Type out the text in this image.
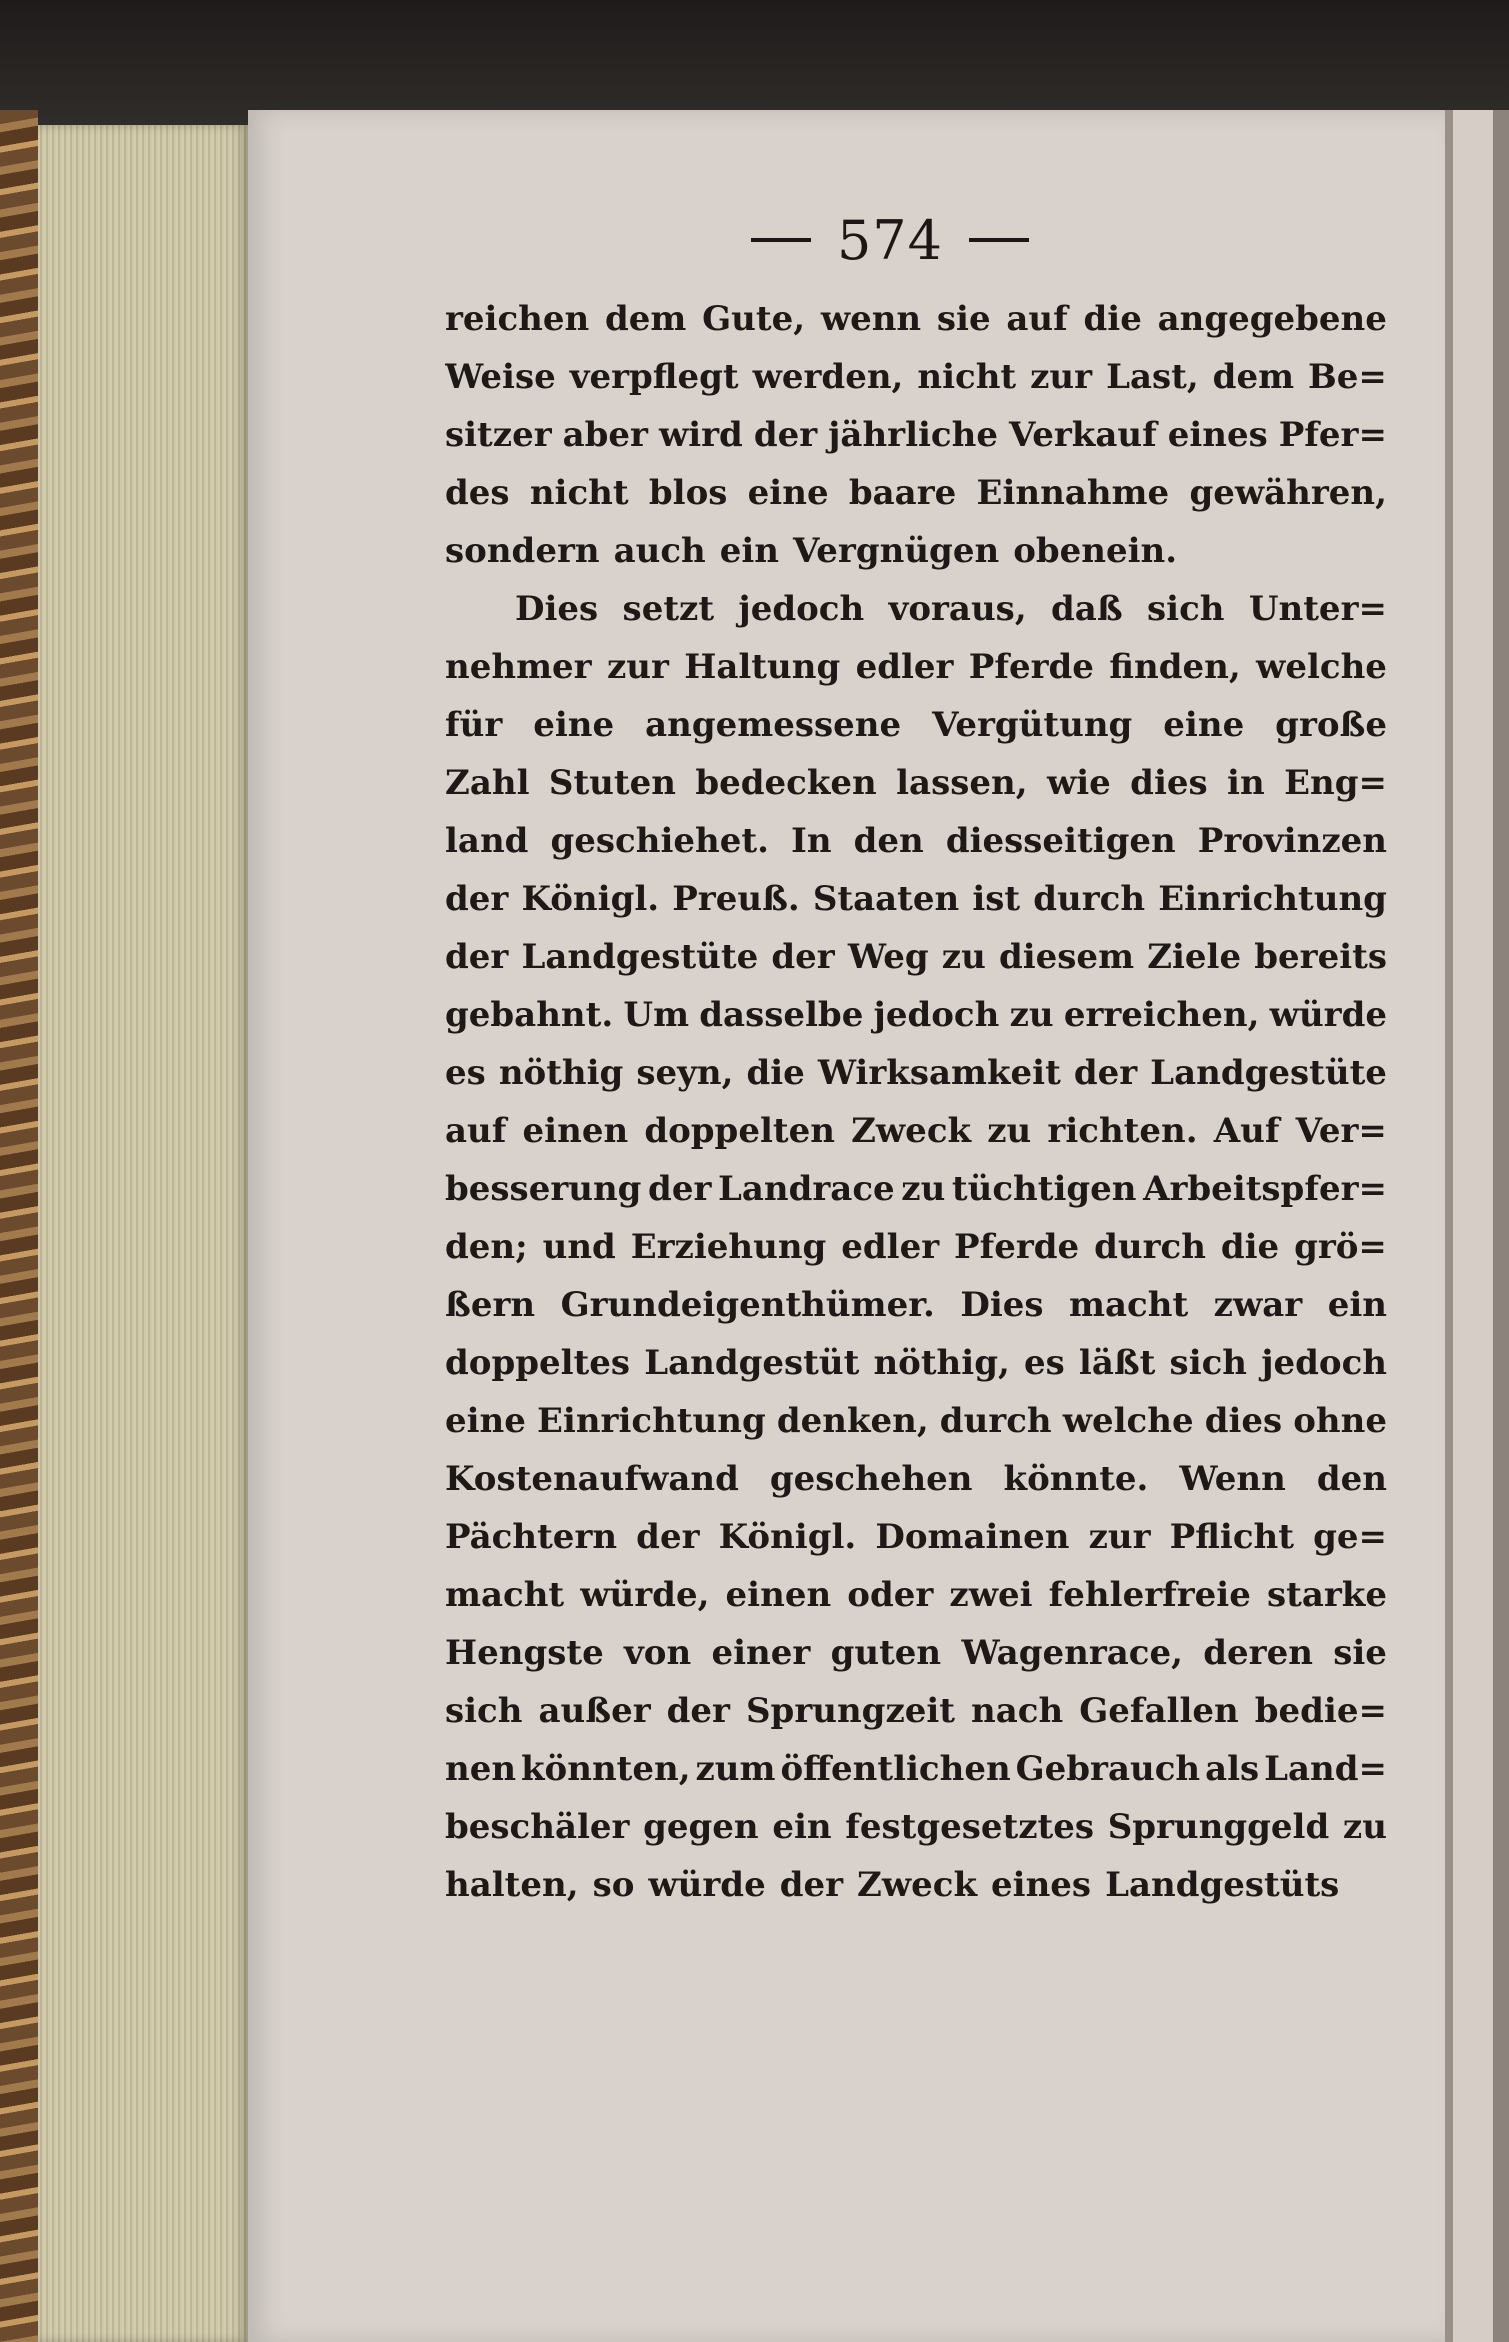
574
reichen dem Gute, wenn sie auf die angegebene
Weise verpflegt werden, nicht zur Last, dem Be=
sitzer aber wird der jährliche Verkauf eines Pfer=
des nicht blos eine baare Einnahme gewähren,
sondern auch ein Vergnügen obenein.
Dies setzt jedoch voraus, daß sich Unter=
nehmer zur Haltung edler Pferde finden, welche
für eine angemessene Vergütung eine große
Zahl Stuten bedecken lassen, wie dies in Eng=
land geschiehet. In den diesseitigen Provinzen
der Königl. Preuß. Staaten ist durch Einrichtung
der Landgestüte der Weg zu diesem Ziele bereits
gebahnt. Um dasselbe jedoch zu erreichen, würde
es nöthig seyn, die Wirksamkeit der Landgestüte
auf einen doppelten Zweck zu richten. Auf Ver=
besserung der Landrace zu tüchtigen Arbeitspfer=
den; und Erziehung edler Pferde durch die grö=
ßern Grundeigenthümer. Dies macht zwar ein
doppeltes Landgestüt nöthig, es läßt sich jedoch
eine Einrichtung denken, durch welche dies ohne
Kostenaufwand geschehen könnte. Wenn den
Pächtern der Königl. Domainen zur Pflicht ge=
macht würde, einen oder zwei fehlerfreie starke
Hengste von einer guten Wagenrace, deren sie
sich außer der Sprungzeit nach Gefallen bedie=
nen könnten, zum öffentlichen Gebrauch als Land=
beschäler gegen ein festgesetztes Sprunggeld zu
halten, so würde der Zweck eines Landgestüts
